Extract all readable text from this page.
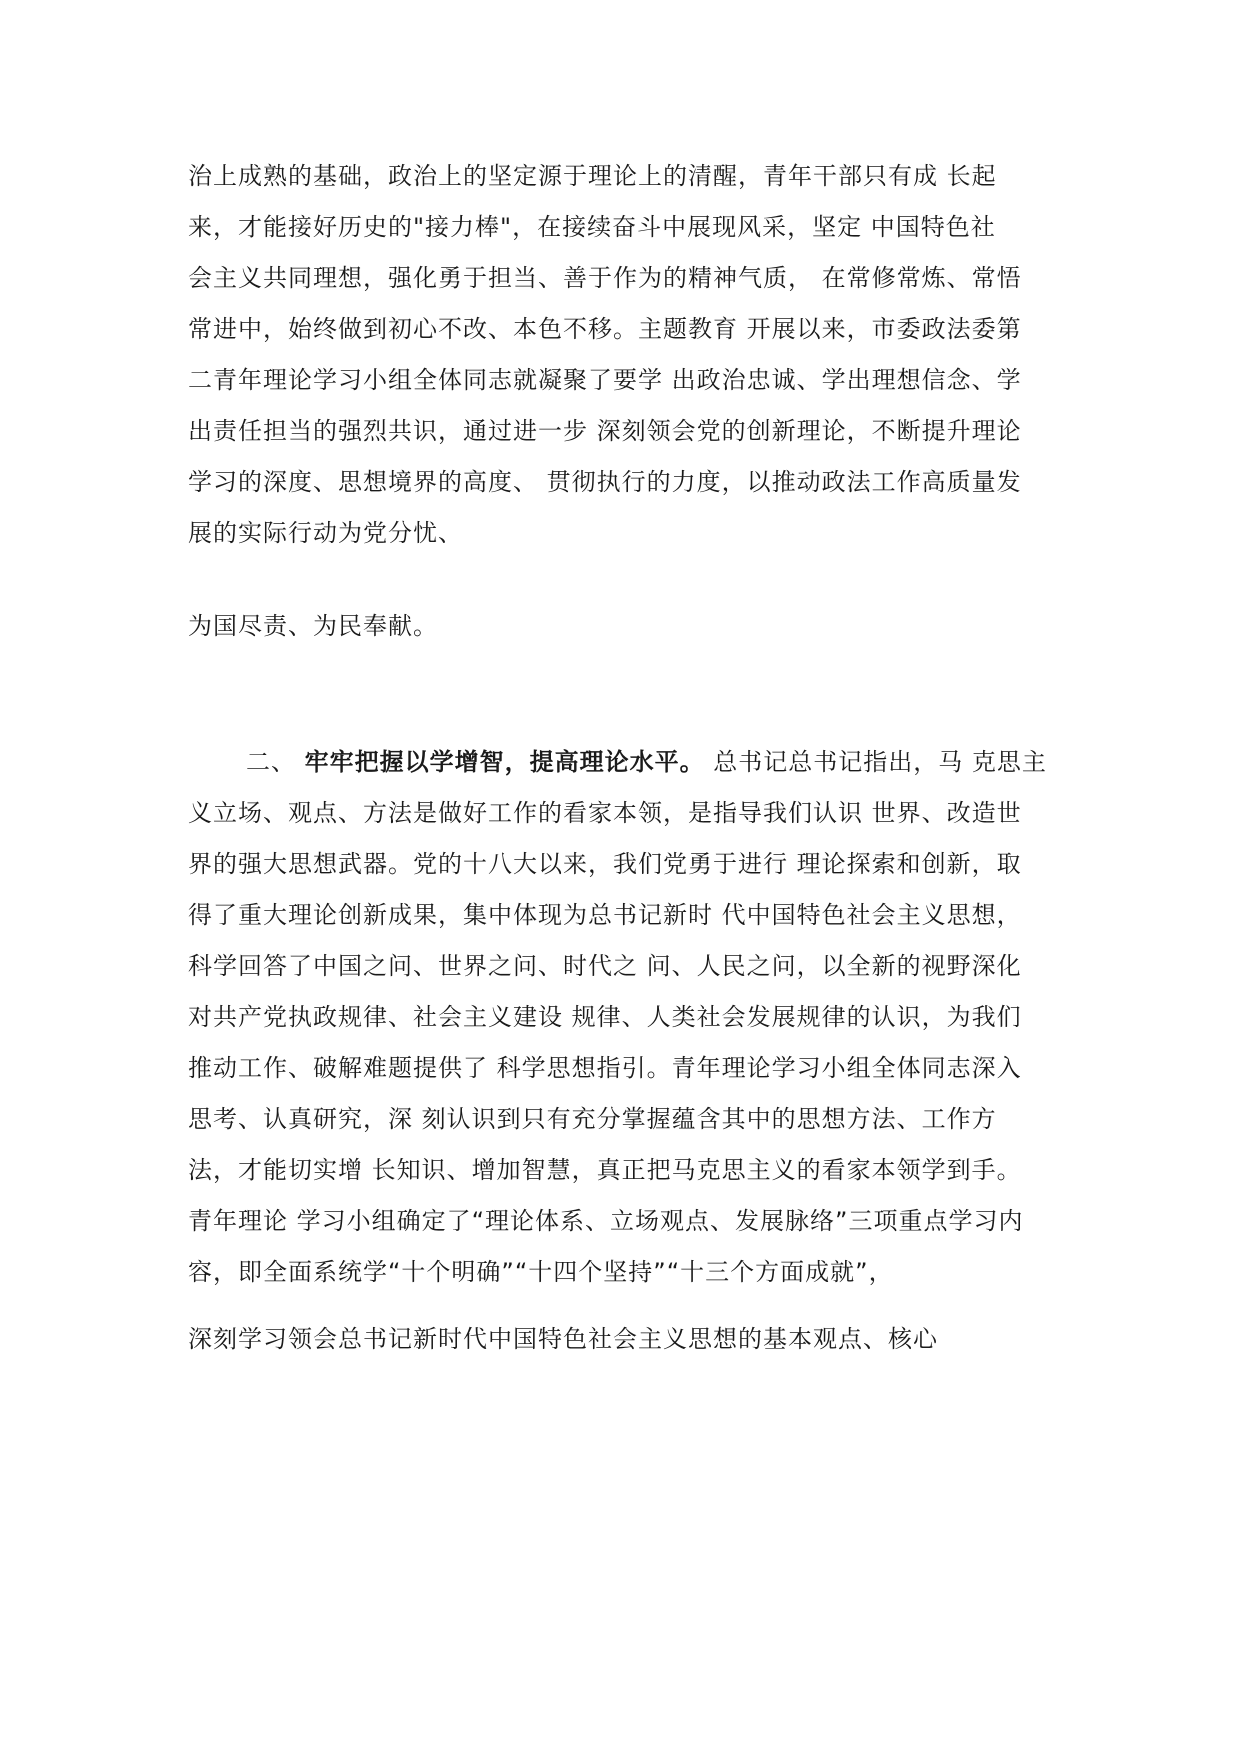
治上成熟的基础，政治上的坚定源于理论上的清醒，青年干部只有成 长起
来，才能接好历史的"接力棒"，在接续奋斗中展现风采，坚定 中国特色社
会主义共同理想，强化勇于担当、善于作为的精神气质， 在常修常炼、常悟
常进中，始终做到初心不改、本色不移。主题教育 开展以来，市委政法委第
二青年理论学习小组全体同志就凝聚了要学 出政治忠诚、学出理想信念、学
出责任担当的强烈共识，通过进一步 深刻领会党的创新理论，不断提升理论
学习的深度、思想境界的高度、 贯彻执行的力度，以推动政法工作高质量发
展的实际行动为党分忧、
为国尽责、为民奉献。
二、 牢牢把握以学增智，提高理论水平。 总书记总书记指出，马 克思主
义立场、观点、方法是做好工作的看家本领，是指导我们认识 世界、改造世
界的强大思想武器。党的十八大以来，我们党勇于进行 理论探索和创新，取
得了重大理论创新成果，集中体现为总书记新时 代中国特色社会主义思想，
科学回答了中国之问、世界之问、时代之 问、人民之问，以全新的视野深化
对共产党执政规律、社会主义建设 规律、人类社会发展规律的认识，为我们
推动工作、破解难题提供了 科学思想指引。青年理论学习小组全体同志深入
思考、认真研究，深 刻认识到只有充分掌握蕴含其中的思想方法、工作方
法，才能切实增 长知识、增加智慧，真正把马克思主义的看家本领学到手。
青年理论 学习小组确定了“理论体系、立场观点、发展脉络”三项重点学习内
容，即全面系统学“十个明确”“十四个坚持”“十三个方面成就”，
深刻学习领会总书记新时代中国特色社会主义思想的基本观点、核心
